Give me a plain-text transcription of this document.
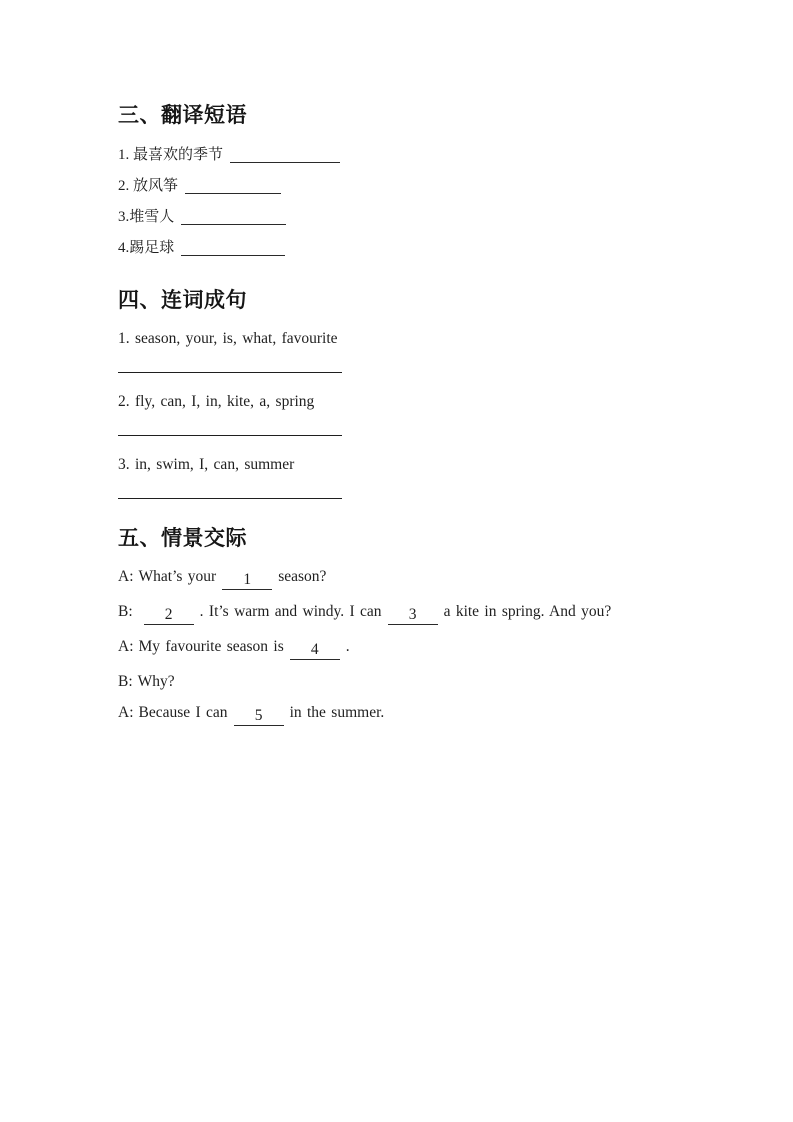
三、翻译短语
1. 最喜欢的季节
2. 放风筝
3.堆雪人
4.踢足球
四、连词成句
1. season, your, is, what, favourite
2. fly, can, I, in, kite, a, spring
3. in, swim, I, can, summer
五、情景交际
A: What’s your 1 season?
B: 2 . It’s warm and windy. I can 3 a kite in spring. And you?
A: My favourite season is 4 .
B: Why?
A: Because I can 5 in the summer.
